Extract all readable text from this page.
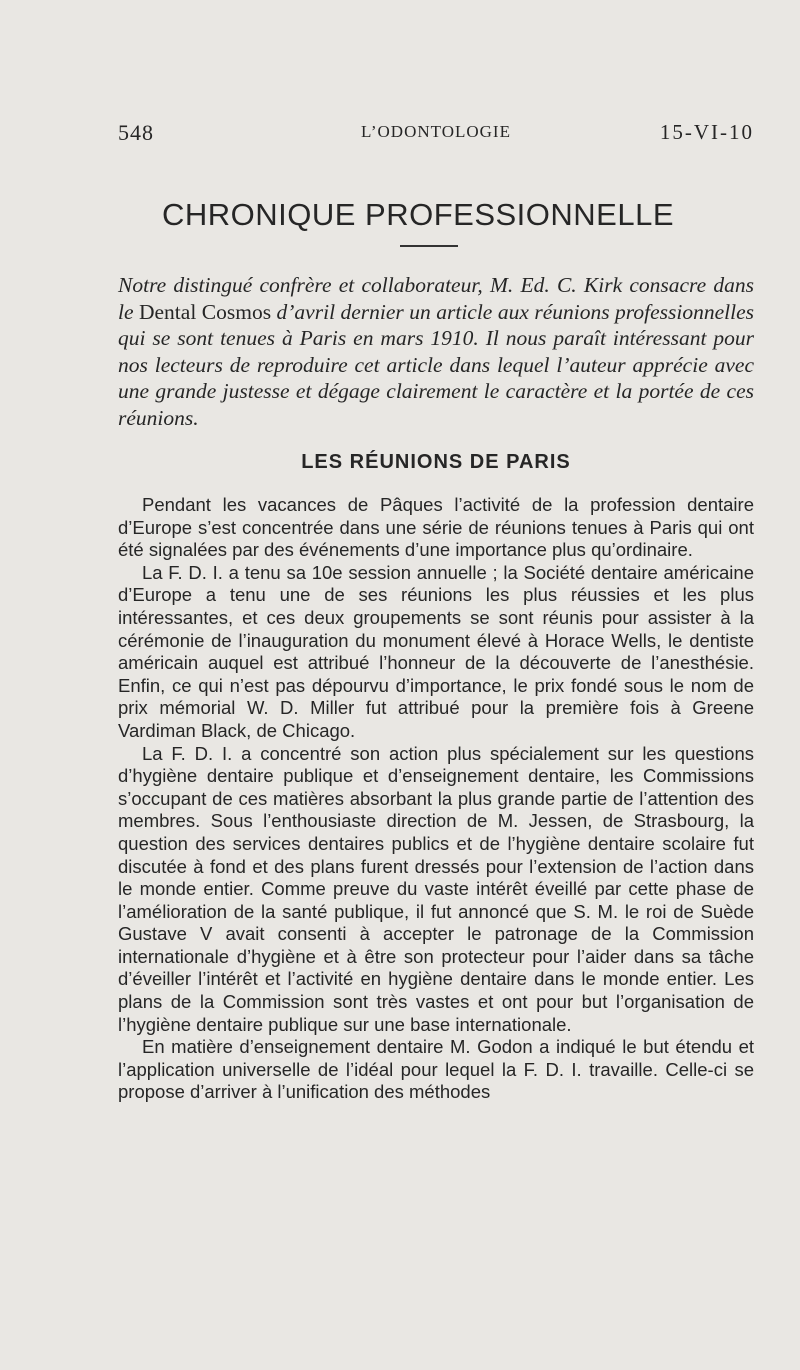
548	L’ODONTOLOGIE	15-VI-10
CHRONIQUE PROFESSIONNELLE

Notre distingué confrère et collaborateur, M. Ed. C. Kirk consacre dans le Dental Cosmos d’avril dernier un article aux réunions professionnelles qui se sont tenues à Paris en mars 1910. Il nous paraît intéressant pour nos lecteurs de reproduire cet article dans lequel l’auteur apprécie avec une grande justesse et dégage clairement le caractère et la portée de ces réunions.

LES RÉUNIONS DE PARIS

Pendant les vacances de Pâques l’activité de la profession dentaire d’Europe s’est concentrée dans une série de réunions tenues à Paris qui ont été signalées par des événements d’une importance plus qu’ordinaire.

La F. D. I. a tenu sa 10e session annuelle ; la Société dentaire américaine d’Europe a tenu une de ses réunions les plus réussies et les plus intéressantes, et ces deux groupements se sont réunis pour assister à la cérémonie de l’inauguration du monument élevé à Horace Wells, le dentiste américain auquel est attribué l’honneur de la découverte de l’anesthésie. Enfin, ce qui n’est pas dépourvu d’importance, le prix fondé sous le nom de prix mémorial W. D. Miller fut attribué pour la première fois à Greene Vardiman Black, de Chicago.

La F. D. I. a concentré son action plus spécialement sur les questions d’hygiène dentaire publique et d’enseignement dentaire, les Commissions s’occupant de ces matières absorbant la plus grande partie de l’attention des membres. Sous l’enthousiaste direction de M. Jessen, de Strasbourg, la question des services dentaires publics et de l’hygiène dentaire scolaire fut discutée à fond et des plans furent dressés pour l’extension de l’action dans le monde entier. Comme preuve du vaste intérêt éveillé par cette phase de l’amélioration de la santé publique, il fut annoncé que S. M. le roi de Suède Gustave V avait consenti à accepter le patronage de la Commission internationale d’hygiène et à être son protecteur pour l’aider dans sa tâche d’éveiller l’intérêt et l’activité en hygiène dentaire dans le monde entier. Les plans de la Commission sont très vastes et ont pour but l’organisation de l’hygiène dentaire publique sur une base internationale.

En matière d’enseignement dentaire M. Godon a indiqué le but étendu et l’application universelle de l’idéal pour lequel la F. D. I. travaille. Celle-ci se propose d’arriver à l’unification des méthodes
